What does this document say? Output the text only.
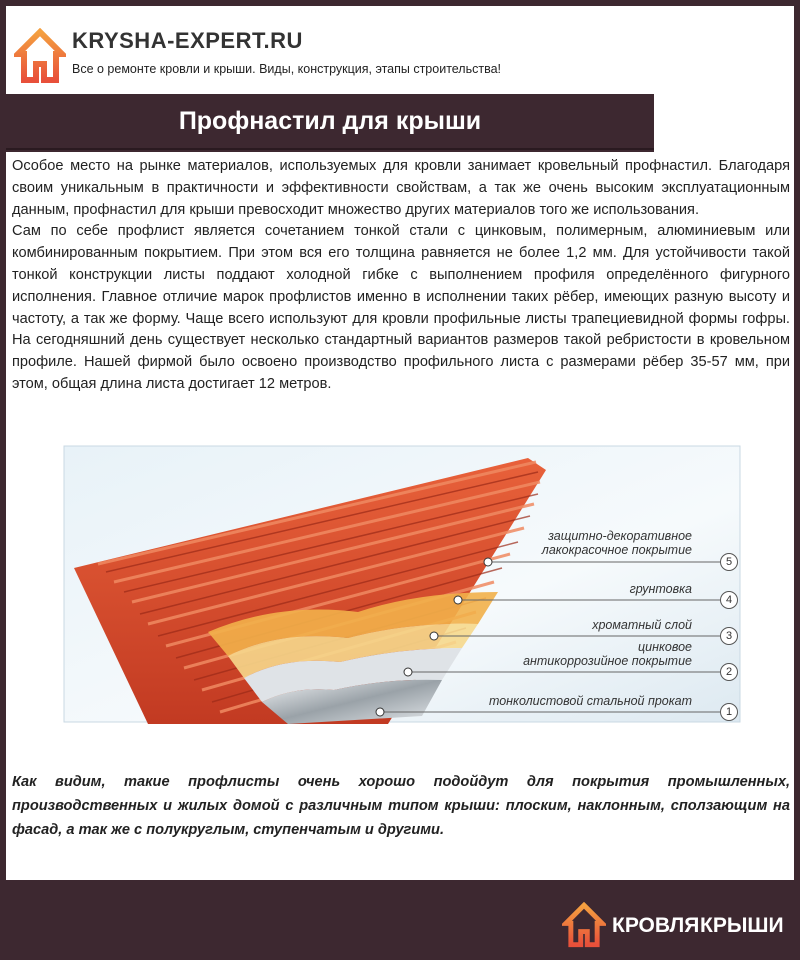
KRYSHA-EXPERT.RU
Все о ремонте кровли и крыши. Виды, конструкция, этапы строительства!
Профнастил для крыши

Особое место на рынке материалов, используемых для кровли занимает кровельный профнастил. Благодаря своим уникальным в практичности и эффективности свойствам, а так же очень высоким эксплуатационным данным, профнастил для крыши превосходит множество других материалов того же использования.

Сам по себе профлист является сочетанием тонкой стали с цинковым, полимерным, алюминиевым или комбинированным покрытием. При этом вся его толщина равняется не более 1,2 мм. Для устойчивости такой тонкой конструкции листы поддают холодной гибке с выполнением профиля определённого фигурного исполнения. Главное отличие марок профлистов именно в исполнении таких рёбер, имеющих разную высоту и частоту, а так же форму. Чаще всего используют для кровли профильные листы трапециевидной формы гофры. На сегодняшний день существует несколько стандартный вариантов размеров такой ребристости в кровельном профиле. Нашей фирмой было освоено производство профильного листа с размерами рёбер 35-57 мм, при этом, общая длина листа достигает 12 метров.

защитно-декоративное
лакокрасочное покрытие
5
грунтовка
4
хроматный слой
3
цинковое
антикоррозийное покрытие
2
тонколистовой стальной прокат
1
Как видим, такие профлисты очень хорошо подойдут для покрытия промышленных, производственных и жилых домой с различным типом крыши: плоским, наклонным, сползающим на фасад, а так же с полукруглым, ступенчатым и другими.
КРОВЛЯ КРЫШИ
